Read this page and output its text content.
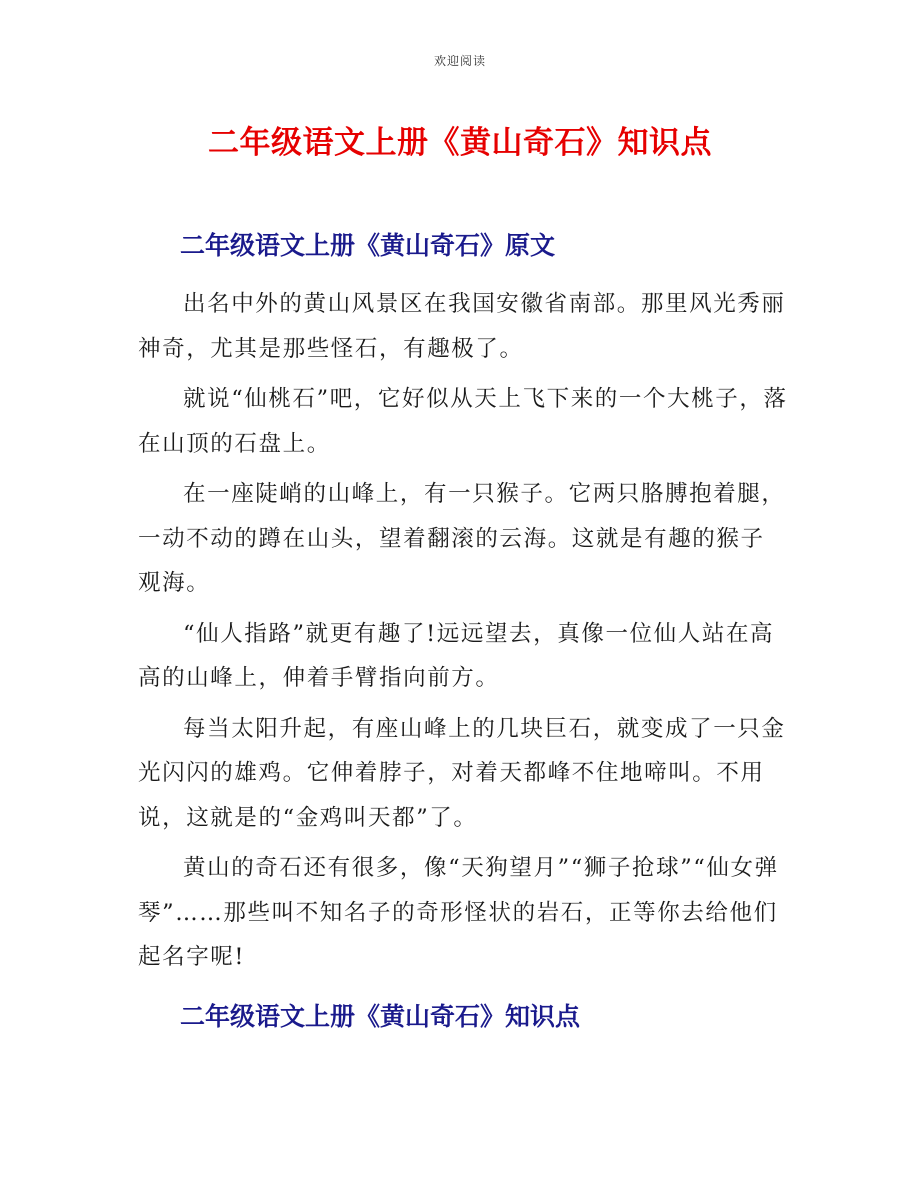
欢迎阅读
二年级语文上册《黄山奇石》知识点
二年级语文上册《黄山奇石》原文

出名中外的黄山风景区在我国安徽省南部。那里风光秀丽神奇，尤其是那些怪石，有趣极了。

就说“仙桃石”吧，它好似从天上飞下来的一个大桃子，落在山顶的石盘上。

在一座陡峭的山峰上，有一只猴子。它两只胳膊抱着腿，一动不动的蹲在山头，望着翻滚的云海。这就是有趣的猴子观海。

“仙人指路”就更有趣了!远远望去，真像一位仙人站在高高的山峰上，伸着手臂指向前方。

每当太阳升起，有座山峰上的几块巨石，就变成了一只金光闪闪的雄鸡。它伸着脖子，对着天都峰不住地啼叫。不用说，这就是的“金鸡叫天都”了。

黄山的奇石还有很多，像“天狗望月”“狮子抢球”“仙女弹琴”……那些叫不知名子的奇形怪状的岩石，正等你去给他们起名字呢!

二年级语文上册《黄山奇石》知识点
